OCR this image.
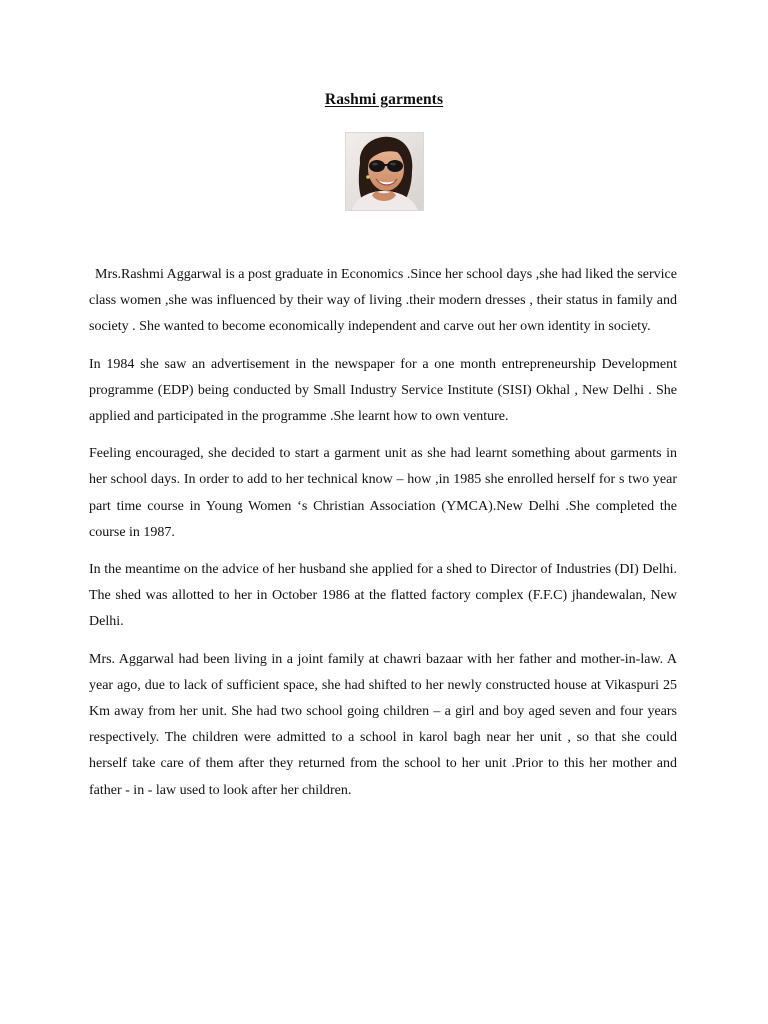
Rashmi garments

Mrs.Rashmi Aggarwal is a post graduate in Economics .Since her school days ,she had liked the service class women ,she was influenced by their way of living .their modern dresses , their status in family and society . She wanted to become economically independent and carve out her own identity in society.

In 1984 she saw an advertisement in the newspaper for a one month entrepreneurship Development programme (EDP) being conducted by Small Industry Service Institute (SISI) Okhal , New Delhi . She applied and participated in the programme .She learnt how to own venture.

Feeling encouraged, she decided to start a garment unit as she had learnt something about garments in her school days. In order to add to her technical know – how ,in 1985 she enrolled herself for s two year part time course in Young Women ‘s Christian Association (YMCA).New Delhi .She completed the course in 1987.

In the meantime on the advice of her husband she applied for a shed to Director of Industries (DI) Delhi. The shed was allotted to her in October 1986 at the flatted factory complex (F.F.C) jhandewalan, New Delhi.

Mrs. Aggarwal had been living in a joint family at chawri bazaar with her father and mother-in-law. A year ago, due to lack of sufficient space, she had shifted to her newly constructed house at Vikaspuri 25 Km away from her unit. She had two school going children – a girl and boy aged seven and four years respectively. The children were admitted to a school in karol bagh near her unit , so that she could herself take care of them after they returned from the school to her unit .Prior to this her mother and father - in - law used to look after her children.
